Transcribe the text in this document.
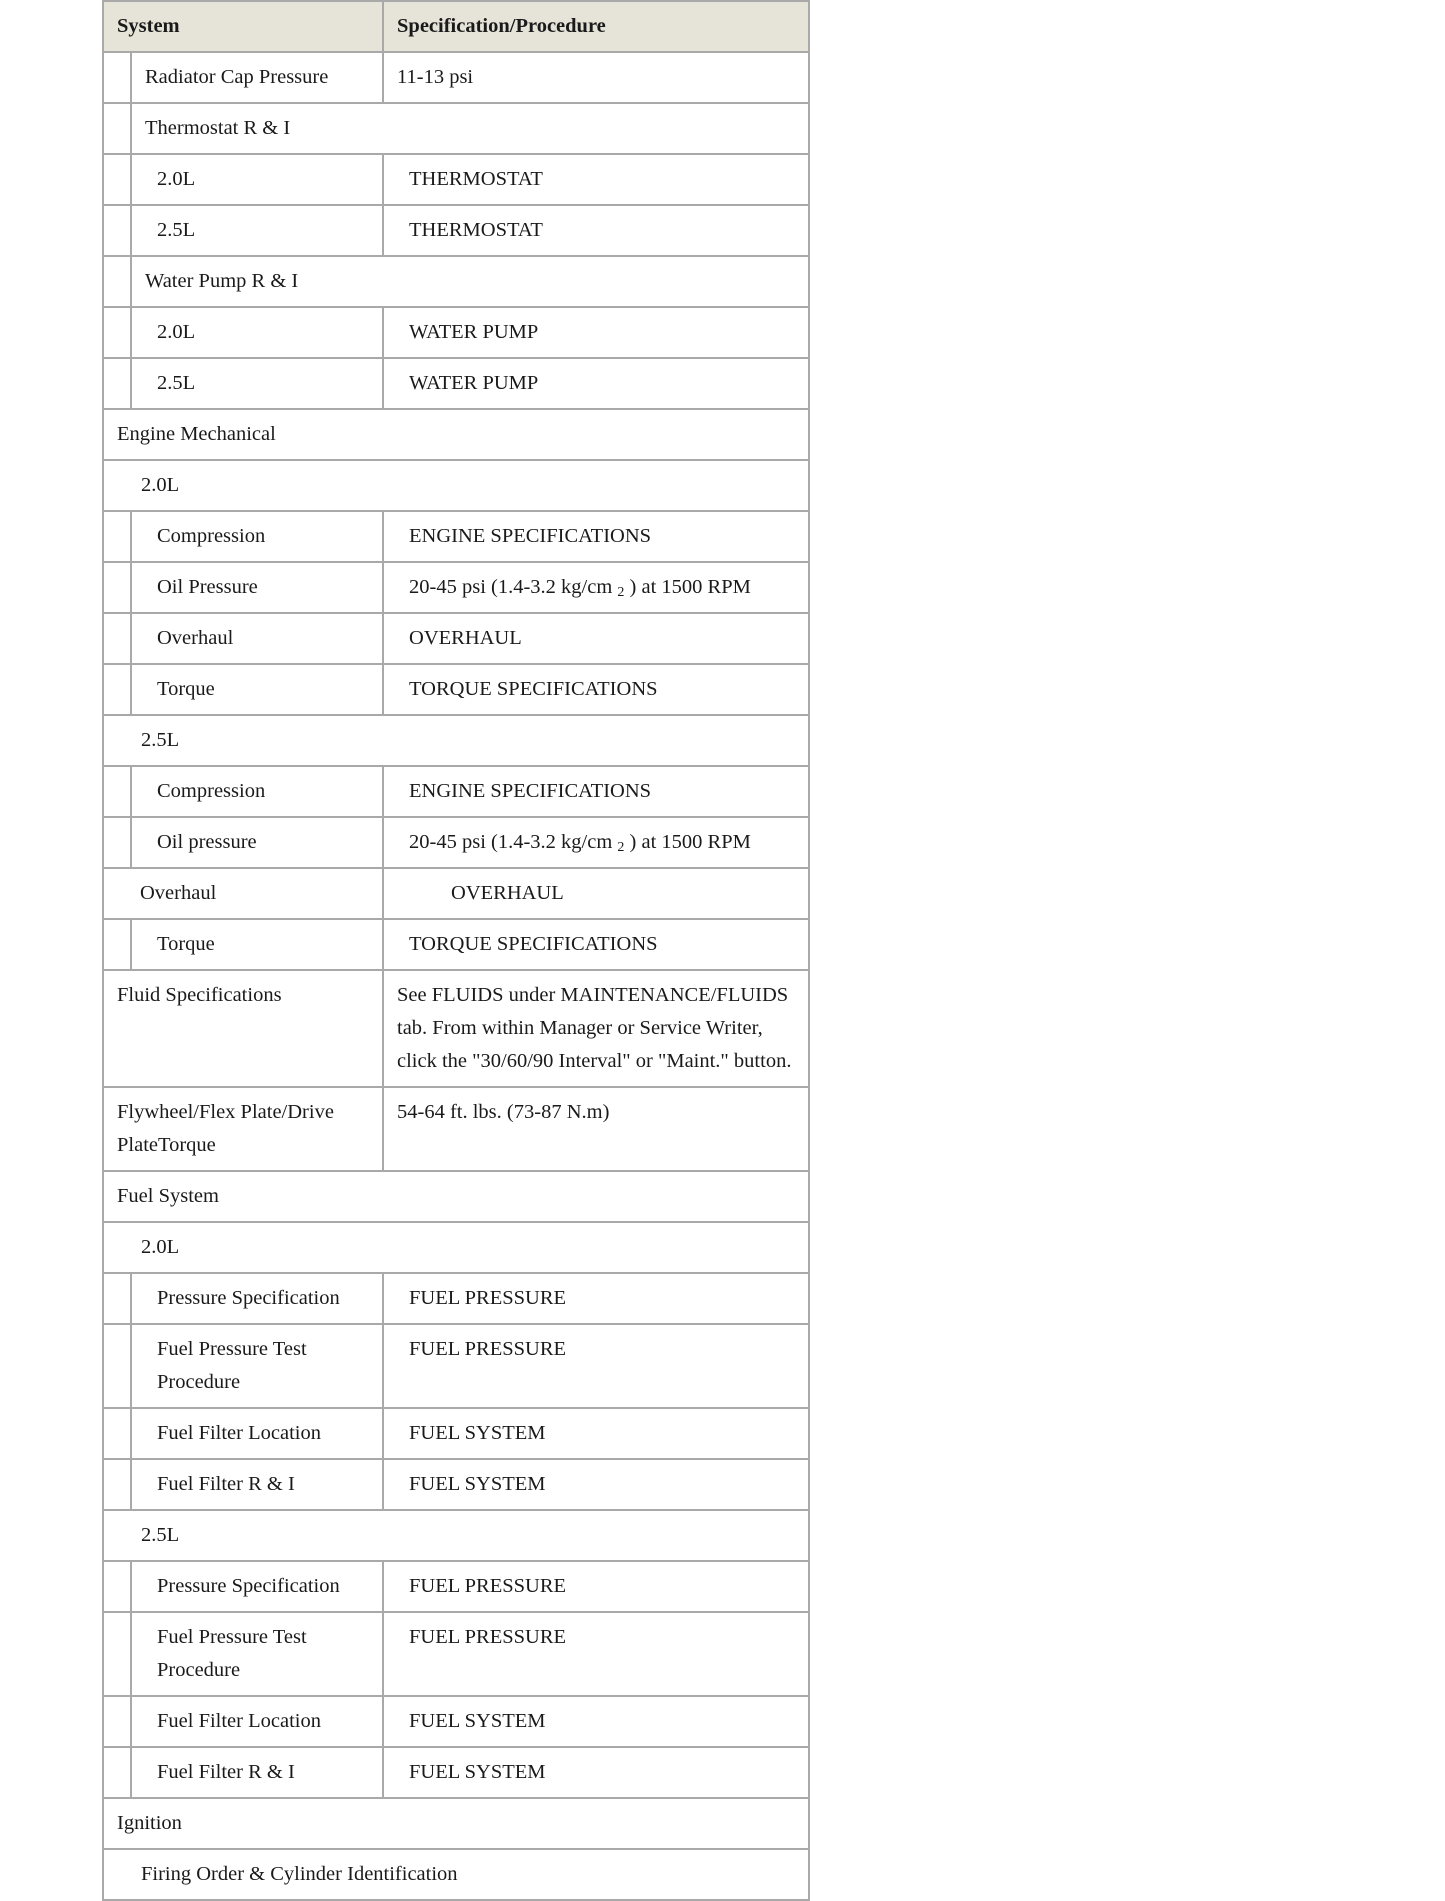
System		Specification/Procedure

	Radiator Cap Pressure	11-13 psi

	Thermostat R & I	

	2.0L	THERMOSTAT

	2.5L	THERMOSTAT

	Water Pump R & I	

	2.0L	WATER PUMP

	2.5L	WATER PUMP

Engine Mechanical		

2.0L		

	Compression	ENGINE SPECIFICATIONS

	Oil Pressure	20-45 psi (1.4-3.2 kg/cm $_2$ ) at 1500 RPM

	Overhaul	OVERHAUL

	Torque	TORQUE SPECIFICATIONS

2.5L		

	Compression	ENGINE SPECIFICATIONS

	Oil pressure	20-45 psi (1.4-3.2 kg/cm $_2$ ) at 1500 RPM

Overhaul		OVERHAUL

	Torque	TORQUE SPECIFICATIONS

Fluid Specifications		See FLUIDS under MAINTENANCE/FLUIDS tab. From within Manager or Service Writer, click the "30/60/90 Interval" or "Maint." button.

Flywheel/Flex Plate/Drive PlateTorque		54-64 ft. lbs. (73-87 N.m)

Fuel System		

2.0L		

	Pressure Specification	FUEL PRESSURE

	Fuel Pressure Test Procedure	FUEL PRESSURE

	Fuel Filter Location	FUEL SYSTEM

	Fuel Filter R & I	FUEL SYSTEM

2.5L		

	Pressure Specification	FUEL PRESSURE

	Fuel Pressure Test Procedure	FUEL PRESSURE

	Fuel Filter Location	FUEL SYSTEM

	Fuel Filter R & I	FUEL SYSTEM

Ignition		

Firing Order & Cylinder Identification		
